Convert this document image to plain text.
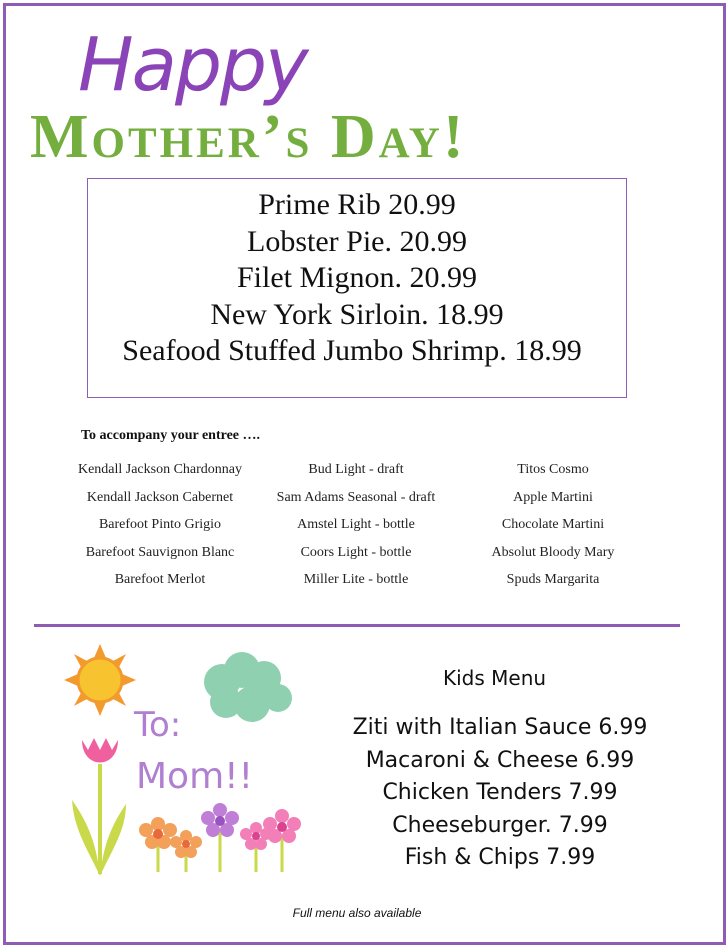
Happy
Mother’s Day!
Prime Rib 20.99
Lobster Pie. 20.99
Filet Mignon. 20.99
New York Sirloin. 18.99
Seafood Stuffed Jumbo Shrimp. 18.99
To accompany your entree ….
Kendall Jackson Chardonnay
Kendall Jackson Cabernet
Barefoot Pinto Grigio
Barefoot Sauvignon Blanc
Barefoot Merlot
Bud Light - draft
Sam Adams Seasonal - draft
Amstel Light - bottle
Coors Light - bottle
Miller Lite - bottle
Titos Cosmo
Apple Martini
Chocolate Martini
Absolut Bloody Mary
Spuds Margarita
To:
Mom!!
Kids Menu
Ziti with Italian Sauce 6.99
Macaroni & Cheese 6.99
Chicken Tenders 7.99
Cheeseburger. 7.99
Fish & Chips 7.99
Full menu also available
